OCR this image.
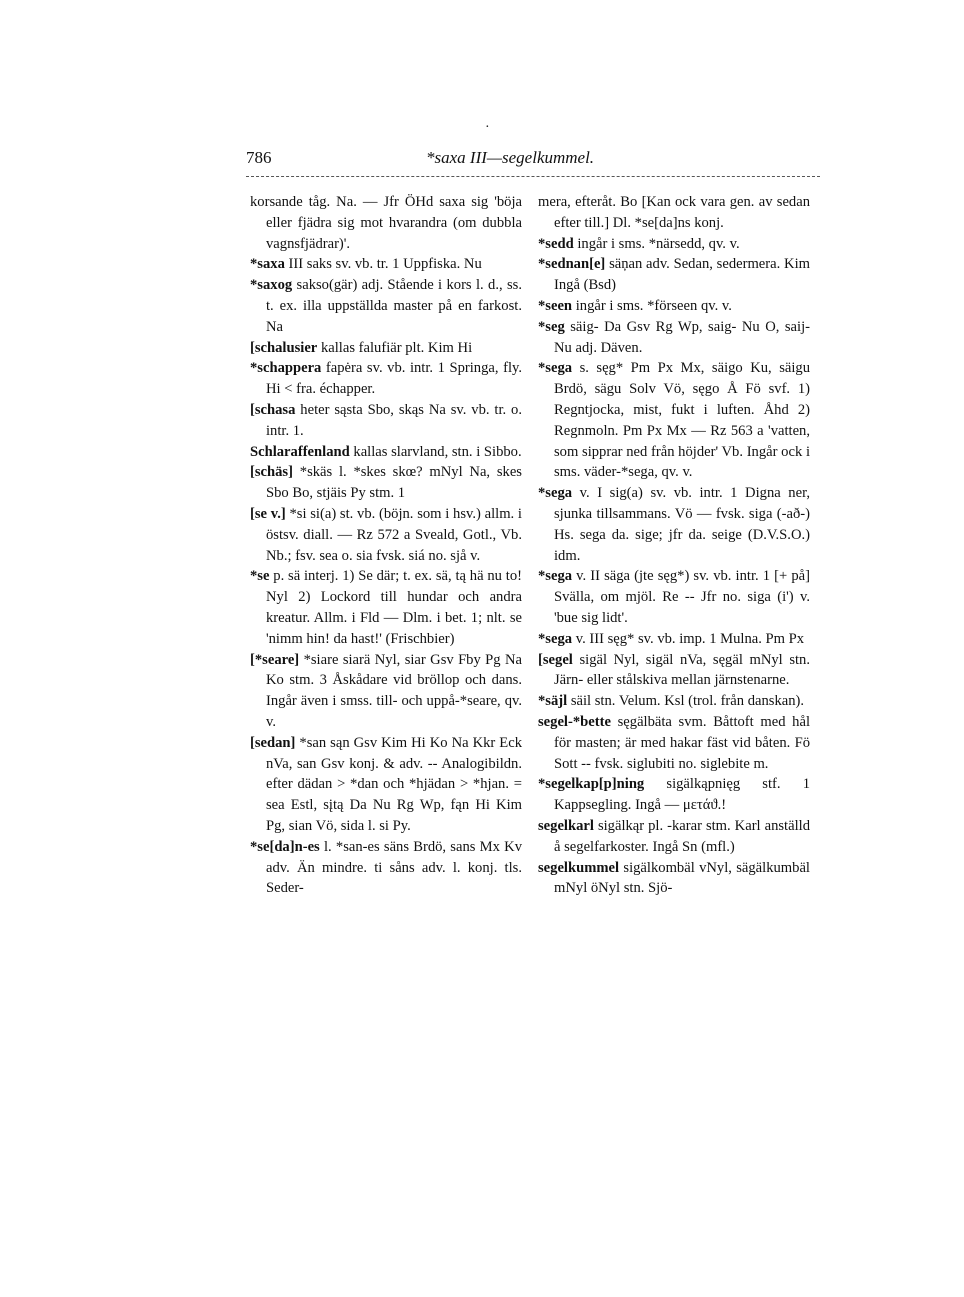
·
786	*saxa III—segelkummel.

korsande tåg. Na. — Jfr ÖHd saxa sig 'böja eller fjädra sig mot hvarandra (om dubbla vagnsfjädrar)'.

*saxa III saks sv. vb. tr. 1 Uppfiska. Nu

*saxog sakso(gär) adj. Stående i kors l. d., ss. t. ex. illa uppställda master på en farkost. Na

[schalusier kallas falufiär plt. Kim Hi

*schappera fapėra sv. vb. intr. 1 Springa, fly. Hi < fra. échapper.

[schasa heter sąsta Sbo, skąs Na sv. vb. tr. o. intr. 1.

Schlaraffenland kallas slarvland, stn. i Sibbo.

[schäs] *skäs l. *skes skœ? mNyl Na, skes Sbo Bo, stjäis Py stm. 1

[se v.] *si si(a) st. vb. (böjn. som i hsv.) allm. i östsv. diall. — Rz 572 a Sveald, Gotl., Vb. Nb.; fsv. sea o. sia fvsk. siá no. sjå v.

*se p. sä interj. 1) Se där; t. ex. sä, tą hä nu to! Nyl 2) Lockord till hundar och andra kreatur. Allm. i Fld — Dlm. i bet. 1; nlt. se 'nimm hin! da hast!' (Frischbier)

[*seare] *siare siarä Nyl, siar Gsv Fby Pg Na Ko stm. 3 Åskådare vid bröllop och dans. Ingår även i smss. till- och uppå-*seare, qv. v.

[sedan] *san sąn Gsv Kim Hi Ko Na Kkr Eck nVa, san Gsv konj. & adv. -- Analogibildn. efter dädan > *dan och *hjädan > *hjan. = sea Estl, sįtą Da Nu Rg Wp, fąn Hi Kim Pg, sian Vö, sida l. si Py.

*se[da]n-es l. *san-es säns Brdö, sans Mx Kv adv. Än mindre. ti såns adv. l. konj. tls. Seder-

mera, efteråt. Bo [Kan ock vara gen. av sedan efter till.] Dl. *se[da]ns konj.

*sedd ingår i sms. *närsedd, qv. v.

*sednan[e] säņan adv. Sedan, sedermera. Kim Ingå (Bsd)

*seen ingår i sms. *förseen qv. v.

*seg säig- Da Gsv Rg Wp, saig- Nu O, saij- Nu adj. Däven.

*sega s. sęg* Pm Px Mx, säigo Ku, säigu Brdö, sägu Solv Vö, sęgo Å Fö svf. 1) Regntjocka, mist, fukt i luften. Åhd 2) Regnmoln. Pm Px Mx — Rz 563 a 'vatten, som sipprar ned från höjder' Vb. Ingår ock i sms. väder-*sega, qv. v.

*sega v. I sig(a) sv. vb. intr. 1 Digna ner, sjunka tillsammans. Vö — fvsk. siga (-að-) Hs. sega da. sige; jfr da. seige (D.V.S.O.) idm.

*sega v. II säga (jte sęg*) sv. vb. intr. 1 [+ på] Svälla, om mjöl. Re -- Jfr no. siga (i') v. 'bue sig lidt'.

*sega v. III sęg* sv. vb. imp. 1 Mulna. Pm Px

[segel sigäl Nyl, sigäl nVa, sęgäl mNyl stn. Järn- eller stålskiva mellan järnstenarne.

*säjl säil stn. Velum. Ksl (trol. från danskan).

segel-*bette sęgälbäta svm. Båttoft med hål för masten; är med hakar fäst vid båten. Fö Sott -- fvsk. siglubiti no. siglebite m.

*segelkap[p]ning sigälkąpnięg stf. 1 Kappsegling. Ingå — μετάϑ.!

segelkarl sigälkąr pl. -karar stm. Karl anställd å segelfarkoster. Ingå Sn (mfl.)

segelkummel sigälkombäl vNyl, sägälkumbäl mNyl öNyl stn. Sjö-
